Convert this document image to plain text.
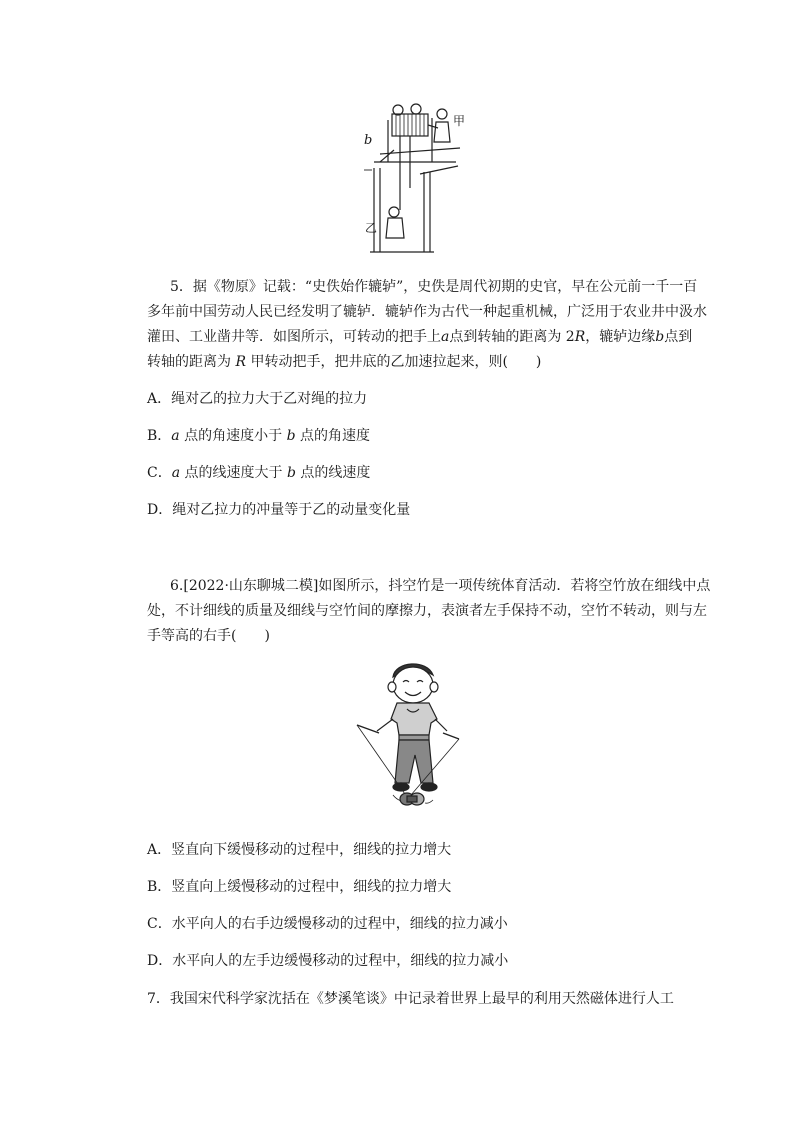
b
甲
乙
5．据《物原》记载：“史佚始作辘轳”，史佚是周代初期的史官，早在公元前一千一百
多年前中国劳动人民已经发明了辘轳．辘轳作为古代一种起重机械，广泛用于农业井中汲水
灌田、工业凿井等．如图所示，可转动的把手上a点到转轴的距离为 2R，辘轳边缘b点到
转轴的距离为 R 甲转动把手，把井底的乙加速拉起来，则(　　)
A．绳对乙的拉力大于乙对绳的拉力
B．a 点的角速度小于 b 点的角速度
C．a 点的线速度大于 b 点的线速度
D．绳对乙拉力的冲量等于乙的动量变化量
6.[2022·山东聊城二模]如图所示，抖空竹是一项传统体育活动．若将空竹放在细线中点
处，不计细线的质量及细线与空竹间的摩擦力，表演者左手保持不动，空竹不转动，则与左
手等高的右手(　　)
A．竖直向下缓慢移动的过程中，细线的拉力增大
B．竖直向上缓慢移动的过程中，细线的拉力增大
C．水平向人的右手边缓慢移动的过程中，细线的拉力减小
D．水平向人的左手边缓慢移动的过程中，细线的拉力减小
7．我国宋代科学家沈括在《梦溪笔谈》中记录着世界上最早的利用天然磁体进行人工
